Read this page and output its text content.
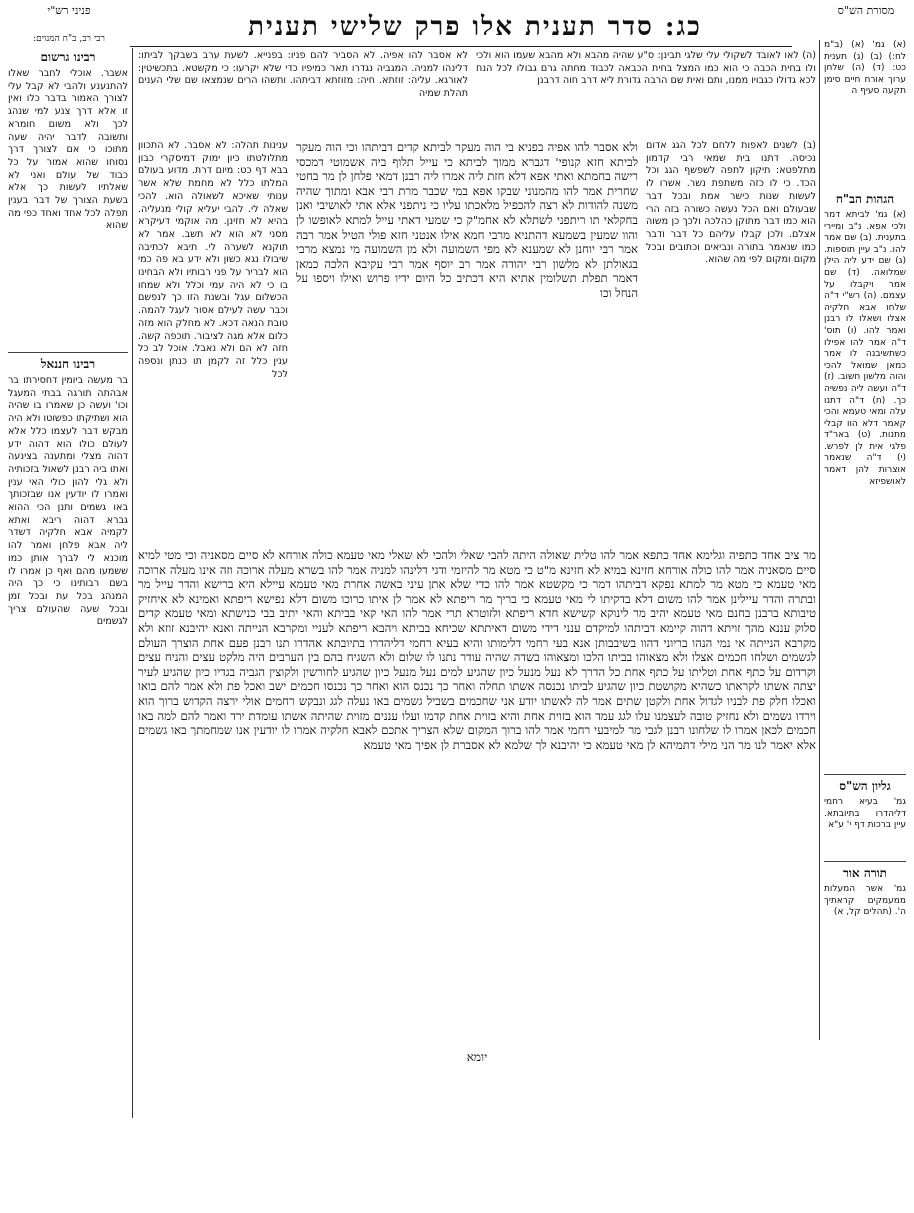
מסורת הש"ס
פניני רש"י
כג: סדר תענית אלו פרק שלישי תענית
רבי רב, ב"ח המנוים:
(א) גמ' (א) (ב"מ לח:) (ב) (ג) תענית כט: (ד) (ה) שלחן ערוך אורח חיים סימן תקעה סעיף ה
הגהות הב"ח
(א) גמ' לביתא דמר ולכי אפא. נ"ב ומיירי בתענית. (ב) שם אמר להו. נ"ב עיין תוספות. (ג) שם ידע ליה הילן שמלואה. (ד) שם אמר ויקבלו על עצמם. (ה) רש"י ד"ה שלחו אבא חלקיה אצלו ושאלו לו רבנן ואמר להו. (ו) תוס' ד"ה אמר להו אפילו כשתשיבנה לו אמר כמאן שמואל להכי והוה מלשון חשוב. (ז) ד"ה ועשה ליה נפשיה כך. (ח) ד"ה דתנו עלה ומאי טעמא והכי קאמר דלא הוו קבלי מתנות. (ט) באר"ד פלגי אית לן לפרש. (י) ד"ה שנאמר אוצרות להן דאמר לאושפיזא
גליון הש"ס
גמ' בעיא רחמי דליהדרו בתיובתא. עיין ברכות דף י' ע"א
תורה אור
גמ' אשר המעלות ממעמקים קראתיך ה'. (תהלים קל, א)
רבינו גרשום
אשבר. אוכלי לחבר שאלו להתנענע ולהבי לא קבל עלי לצורך האמור בדבר כלו ואין זו אלא דרך צנע למי שנהג לכך ולא משום חומרא ותשובה לדבר יהיה שעה מתוכו כי אם לצורך דרך נסוחו שהוא אמור על כל כבוד של עולם ואני לא שאלתיו לעשות כך אלא בשעת הצורך של דבר בענין תפלה לכל אחד ואחד כפי מה שהוא
רבינו חננאל
בר מעשה ביומין דחסירתו בר אבהתה תורגה בבתי המעגל וכו' ועשה כן שאמרו בו שהיה הוא ושתיקתו כפשוטו ולא היה מבקש דבר לעצמו כלל אלא לעולם כולו הוא דהוה ידע דהוה מצלי ומתענה בצינעה ואתו ביה רבנן לשאול בזכותיה ולא גלי להון כולי האי ענין ואמרו לו יודעין אנו שבזכותך באו גשמים ותנן הכי ההוא גברא דהוה ריבא ואתא לקמיה אבא חלקיה דשדר ליה אבא פלחן ואמר להו מוכנא לי לברך אותן כמו ששמעו מהם ואף כן אמרו לו בשם רבותינו כי כך היה המנהג בכל עת ובכל זמן ובכל שעה שהעולם צריך לגשמים
לא אסבר להו אפיה. לא הסביר להם פניו: בפנייא. לשעת ערב בשבקך לביתו: דלינהו למניה. המגביה נגדרו תאר כמיפיו כדי שלא יקרעו: כי מקשטא. בתכשיטין: לאורגא. עליה: זוזתא. חיה: מזוזתא דביתהו. ותשהו הרים שנמצאו שם שלי הענים תהלת שמיה
(ה) לאו לאובד לשקולי עלי שלגי תבינן: ס"ע שהיה מהבא ולא מהבא שעמו הוא ולכי ולו בחית הכבה כי הוא כמו המצל בחית הכבאה לכבוד מחתה גרם גבולו לכל הנח לכא גדולו כגבויו ממנו, ותם ואית שם הרבה גדורת ליא דרב חוה דרבנן
ענינות תהלה: לא אסבר. לא התכוון מתלולטתו כיון ימוק דמיסקרי כבון בבא דף כט: מיום דרת. מדוע בעולם המלתו כלל לא מחמת שלא אשר ענותי שאיכא לשאולה הוא. להכי שאלה לי. להבי יעליא קולי מנעליה. בהיא לא חזינן. מה אוקמי דעיקרא מסני לא הוא לא תשב. אמר לא תוקנא לשערה לי. תיבא לכתיבה שיבולו נגא כשון ולא ידע בא פה כמי הוא לבריר על פני רבותיו ולא הבחינו בו כי לא היה עמי וכלל ולא שמחו הכשלום עגל ובשנת הזו כך לנפשם וכבר עשה לעילם אסור לעגל להמה. טובת הנאה דכא. לא מחלק הוא מזה כלום אלא מגה לציבור. תוכפה קשה. חזה לא הם ולא נאבל. אוכל לב כל ענין כלל זה לקמן תו כנתן ונספה לכל
(ב) לשנים לאפות ללחם לכל הגג אדום נכיסה. דתנו בית שמאי רבי קדמון מתלפטא: תיקון לתפה לשפשף הגג וכל הכד. כי לו כזה משתפת נשר. אשרו לו לעשות שנות כישר אמת ובכל דבר שבעולם ואם הכל נעשה כשורה בזה הרי הוא כמו דבר מתוקן כהלכה ולכך כן משוה אצלם. ולכן קבלו עליהם כל דבר ודבר כמו שנאמר בתורה ונביאים וכתובים ובכל מקום ומקום לפי מה שהוא.
ולא אסבר להו אפיה בפניא בי הוה מעקר לביתא קדים דביתהו וכי הוה מעקר לביתא חזא קנופי' דגברא ממוך לביתא כי עייל תלוף ביה אשמוטי דמכסי רישה בחמתא ואתי אפא דלא חזת ליה אמרו ליה רבנן דמאי פלחן לן מר בחטי שחרית אמר להו מהמנוני שבקו אפא במי שכבר מרת רבי אבא ומתוך שהיה משנה להודות לא רצה להכפיל מלאכתו עליו כי ניתפני אלא אתי לאושיבי ואנן בחקלאי תו ריתפני לשתלא לא אחמ"ק כי שמעי דאתי עייל למתא לאופשו לן והוו שמעין בשמעא דהתניא מרבי חמא אילו אנטני חזא פולי הטיל אמר רבה אמר רבי יוחנן לא שמענא לא מפי השמועה ולא מן השמועה מי נמצא מרבי בגאולתן לא מלשון רבי יהודה אמר רב יוסף אמר רבי עקיבא הלכה כמאן דאמר תפלת תשלומין אתיא היא דכתיב כל היום ידיו פרוש ואילו ויספו על הנחל וכו
מר ציב אחד כתפיה וגלימא אחד כתפא אמר להו טלית שאולה היתה להבי שאלי ולהכי לא שאלי מאי טעמא כולה אורחא לא סיים מסאניה וכי מטי למיא סיים מסאניה אמר להו כולה אורחא חזינא במיא לא חזינא מ"ט כי מטא מר להיזמי ודגי דלינהו למניה אמר להו בשרא מעלה ארוכה וזה אינו מעלה ארוכה מאי טעמא כי מטא מר למתא נפקא דביתהו דמר כי מקשטא אמר להו כדי שלא אתן עיני באשה אחרת מאי טעמא עיילא היא ברישא והדר עייל מר ובתרה והדר עיילינן אמר להו משום דלא בדקיתו לי מאי טעמא כי בריך מר ריפתא לא אמר לן איתו כרוכו משום דלא נפישא ריפתא ואמינא לא איחזיק טיבותא ברבנן בחנם מאי טעמא יהיב מר לינוקא קשישא חדא ריפתא ולזוטרא תרי אמר להו האי קאי בביתא והאי יתיב בבי כנישתא ומאי טעמא קדים סלוק עננא מהך זויתא דהוה קיימא דביתהו למיקדם ענני דידי משום דאיתתא שכיחא בביתא ויהבא ריפתא לעניי ומקרבא הנייתה ואנא יהיבנא זוזא ולא מקרבא הנייתה אי נמי הנהו בריוני דהוו בשיבבותן אנא בעי רחמי דלימותו והיא בעיא רחמי דליהדרו בתיובתא אהדרו תנו רבנן פעם אחת הוצרך העולם לגשמים ושלחו חכמים אצלו ולא מצאוהו בביתו הלכו ומצאוהו בשדה שהיה עודר נתנו לו שלום ולא השגיח בהם בין הערבים היה מלקט עצים והניח עצים וקרדום על כתף אחת וטליתו על כתף אחת כל הדרך לא נעל מנעל כיון שהגיע למים נעל מנעל כיון שהגיע לחורשין ולקוצין הגביה בגדיו כיון שהגיע לעיר יצתה אשתו לקראתו כשהיא מקושטת כיון שהגיע לביתו נכנסה אשתו תחלה ואחר כך נכנס הוא ואחר כך נכנסו חכמים ישב ואכל פת ולא אמר להם בואו ואכלו חלק פת לבניו לגדול אחת ולקטן שתים אמר לה לאשתו יודע אני שחכמים בשביל גשמים באו נעלה לגג ונבקש רחמים אולי ירצה הקדוש ברוך הוא וירדו גשמים ולא נחזיק טובה לעצמנו עלו לגג עמד הוא בזוית אחת והיא בזוית אחת קדמו ועלו עננים מזוית שהיתה אשתו עומדת ירד ואמר להם למה באו חכמים לכאן אמרו לו שלחונו רבנן לגבי מר למיבעי רחמי אמר להו ברוך המקום שלא הצריך אתכם לאבא חלקיה אמרו לו יודעין אנו שמחמתך באו גשמים אלא יאמר לנו מר הני מילי דתמיהא לן מאי טעמא כי יהיבנא לך שלמא לא אסברת לן אפיך מאי טעמא
יומא
